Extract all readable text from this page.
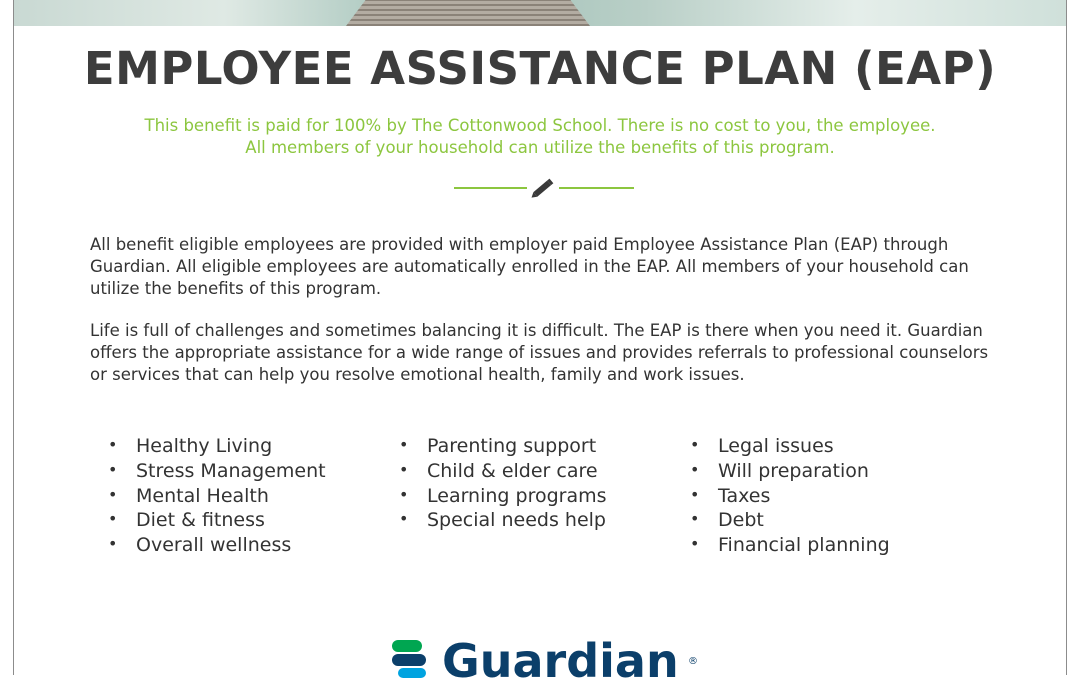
EMPLOYEE ASSISTANCE PLAN (EAP)

This benefit is paid for 100% by The Cottonwood School. There is no cost to you, the employee.

All members of your household can utilize the benefits of this program.

All benefit eligible employees are provided with employer paid Employee Assistance Plan (EAP) through Guardian. All eligible employees are automatically enrolled in the EAP. All members of your household can utilize the benefits of this program.

Life is full of challenges and sometimes balancing it is difficult. The EAP is there when you need it. Guardian offers the appropriate assistance for a wide range of issues and provides referrals to professional counselors or services that can help you resolve emotional health, family and work issues.

• Healthy Living
• Stress Management
• Mental Health
• Diet & fitness
• Overall wellness
• Parenting support
• Child & elder care
• Learning programs
• Special needs help
• Legal issues
• Will preparation
• Taxes
• Debt
• Financial planning
Guardian ®
